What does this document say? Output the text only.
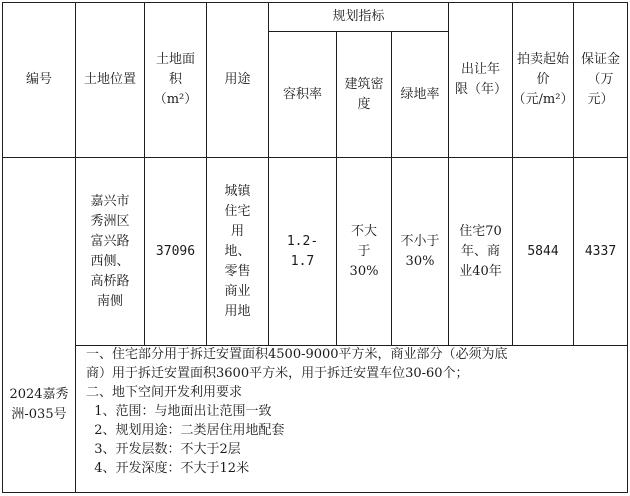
编号	土地位置
土地面积（m²）
用途
规划指标
容积率
建筑密度
绿地率
出让年限（年）
拍卖起始价（元/m²）
保证金（万元）
2024嘉秀洲-035号
嘉兴市秀洲区富兴路西侧、高桥路南侧
37096
城镇住宅用地、零售商业用地
1.2-1.7
不大于30%
不小于30%
住宅70年、商业40年
5844	4337
一、住宅部分用于拆迁安置面积4500-9000平方米，商业部分（必须为底
商）用于拆迁安置面积3600平方米，用于拆迁安置车位30-60个；
二、地下空间开发利用要求
1、范围：与地面出让范围一致
2、规划用途：二类居住用地配套
3、开发层数：不大于2层
4、开发深度：不大于12米
